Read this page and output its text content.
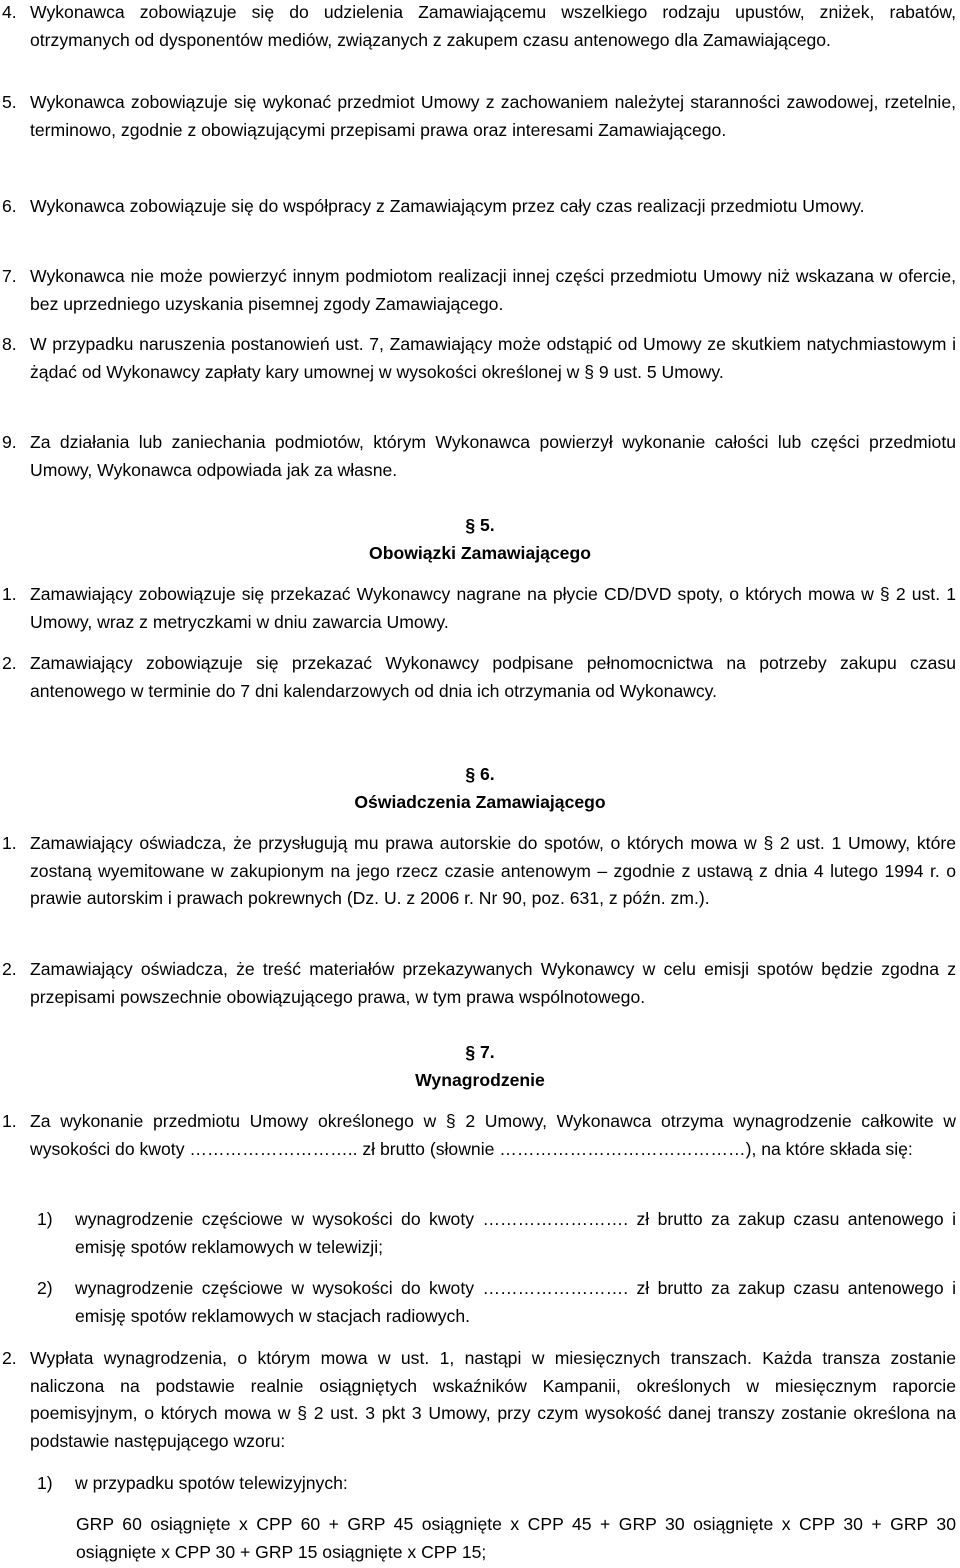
4. Wykonawca zobowiązuje się do udzielenia Zamawiającemu wszelkiego rodzaju upustów, zniżek, rabatów, otrzymanych od dysponentów mediów, związanych z zakupem czasu antenowego dla Zamawiającego.
5. Wykonawca zobowiązuje się wykonać przedmiot Umowy z zachowaniem należytej staranności zawodowej, rzetelnie, terminowo, zgodnie z obowiązującymi przepisami prawa oraz interesami Zamawiającego.
6. Wykonawca zobowiązuje się do współpracy z Zamawiającym przez cały czas realizacji przedmiotu Umowy.
7. Wykonawca nie może powierzyć innym podmiotom realizacji innej części przedmiotu Umowy niż wskazana w ofercie, bez uprzedniego uzyskania pisemnej zgody Zamawiającego.
8. W przypadku naruszenia postanowień ust. 7, Zamawiający może odstąpić od Umowy ze skutkiem natychmiastowym i żądać od Wykonawcy zapłaty kary umownej w wysokości określonej w § 9 ust. 5 Umowy.
9. Za działania lub zaniechania podmiotów, którym Wykonawca powierzył wykonanie całości lub części przedmiotu Umowy, Wykonawca odpowiada jak za własne.
§ 5.
Obowiązki Zamawiającego
1. Zamawiający zobowiązuje się przekazać Wykonawcy nagrane na płycie CD/DVD spoty, o których mowa w § 2 ust. 1 Umowy, wraz z metryczkami w dniu zawarcia Umowy.
2. Zamawiający zobowiązuje się przekazać Wykonawcy podpisane pełnomocnictwa na potrzeby zakupu czasu antenowego w terminie do 7 dni kalendarzowych od dnia ich otrzymania od Wykonawcy.
§ 6.
Oświadczenia Zamawiającego
1. Zamawiający oświadcza, że przysługują mu prawa autorskie do spotów, o których mowa w § 2 ust. 1 Umowy, które zostaną wyemitowane w zakupionym na jego rzecz czasie antenowym – zgodnie z ustawą z dnia 4 lutego 1994 r. o prawie autorskim i prawach pokrewnych (Dz. U. z 2006 r. Nr 90, poz. 631, z późn. zm.).
2. Zamawiający oświadcza, że treść materiałów przekazywanych Wykonawcy w celu emisji spotów będzie zgodna z przepisami powszechnie obowiązującego prawa, w tym prawa wspólnotowego.
§ 7.
Wynagrodzenie
1. Za wykonanie przedmiotu Umowy określonego w § 2 Umowy, Wykonawca otrzyma wynagrodzenie całkowite w wysokości do kwoty ……………………….. zł brutto (słownie ……………………………………), na które składa się:
1) wynagrodzenie częściowe w wysokości do kwoty ……………………. zł brutto za zakup czasu antenowego i emisję spotów reklamowych w telewizji;
2) wynagrodzenie częściowe w wysokości do kwoty ……………………. zł brutto za zakup czasu antenowego i emisję spotów reklamowych w stacjach radiowych.
2. Wypłata wynagrodzenia, o którym mowa w ust. 1, nastąpi w miesięcznych transzach. Każda transza zostanie naliczona na podstawie realnie osiągniętych wskaźników Kampanii, określonych w miesięcznym raporcie poemisyjnym, o których mowa w § 2 ust. 3 pkt 3 Umowy, przy czym wysokość danej transzy zostanie określona na podstawie następującego wzoru:
1) w przypadku spotów telewizyjnych:
GRP 60 osiągnięte x CPP 60 + GRP 45 osiągnięte x CPP 45 + GRP 30 osiągnięte x CPP 30 + GRP 30 osiągnięte x CPP 30 + GRP 15 osiągnięte x CPP 15;
